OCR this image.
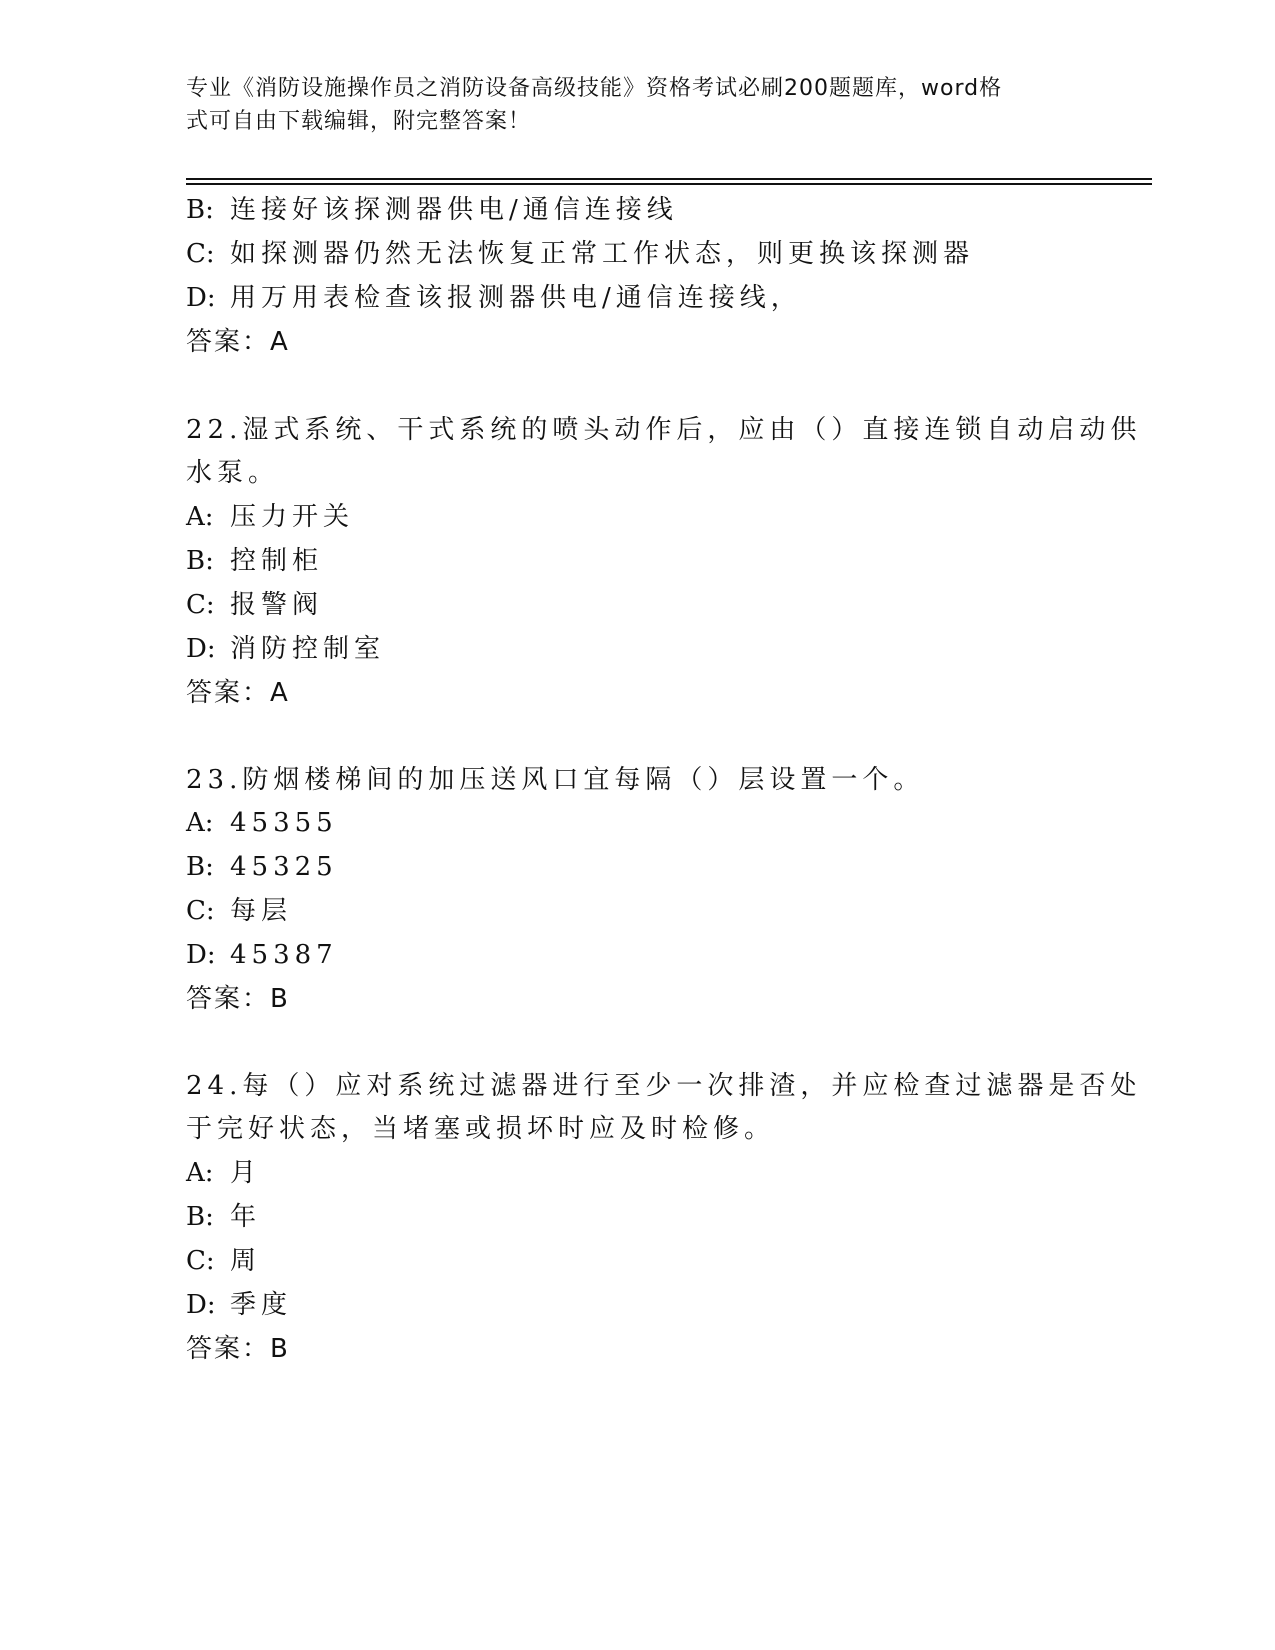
专业《消防设施操作员之消防设备高级技能》资格考试必刷200题题库，word格
式可自由下载编辑，附完整答案！
B: 连接好该探测器供电/通信连接线
C: 如探测器仍然无法恢复正常工作状态，则更换该探测器
D: 用万用表检查该报测器供电/通信连接线，
答案：A
22.湿式系统、干式系统的喷头动作后，应由（）直接连锁自动启动供
水泵。
A: 压力开关
B: 控制柜
C: 报警阀
D: 消防控制室
答案：A
23.防烟楼梯间的加压送风口宜每隔（）层设置一个。
A: 45355
B: 45325
C: 每层
D: 45387
答案：B
24.每（）应对系统过滤器进行至少一次排渣，并应检查过滤器是否处
于完好状态，当堵塞或损坏时应及时检修。
A: 月
B: 年
C: 周
D: 季度
答案：B
